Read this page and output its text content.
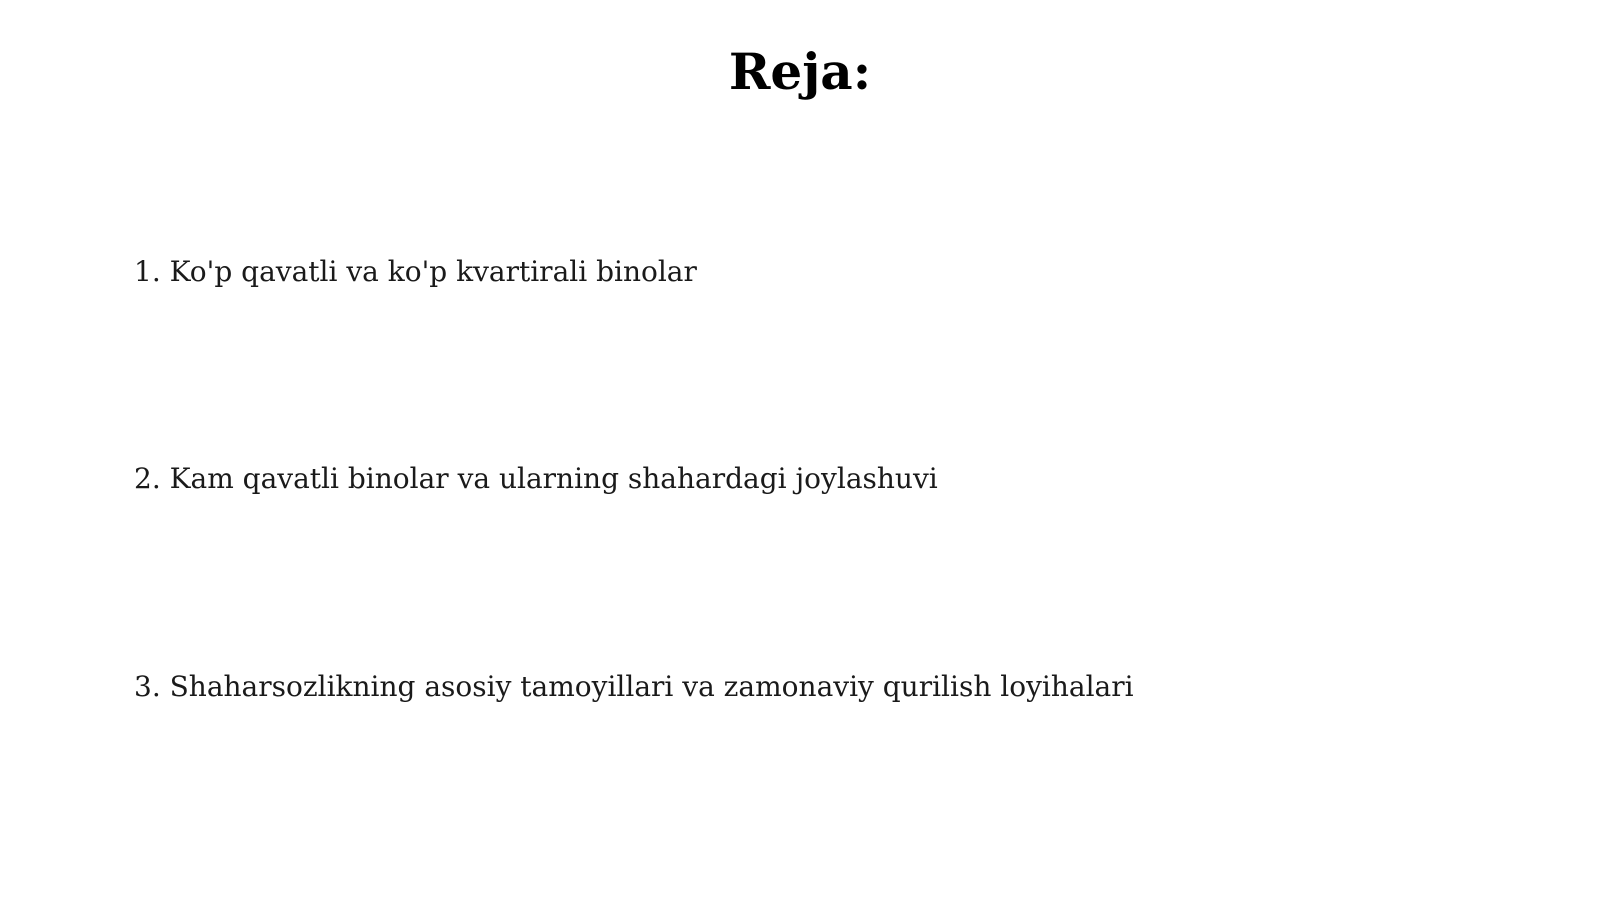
Reja:
1. Ko'p qavatli va ko'p kvartirali binolar
2. Kam qavatli binolar va ularning shahardagi joylashuvi
3. Shaharsozlikning asosiy tamoyillari va zamonaviy qurilish loyihalari
